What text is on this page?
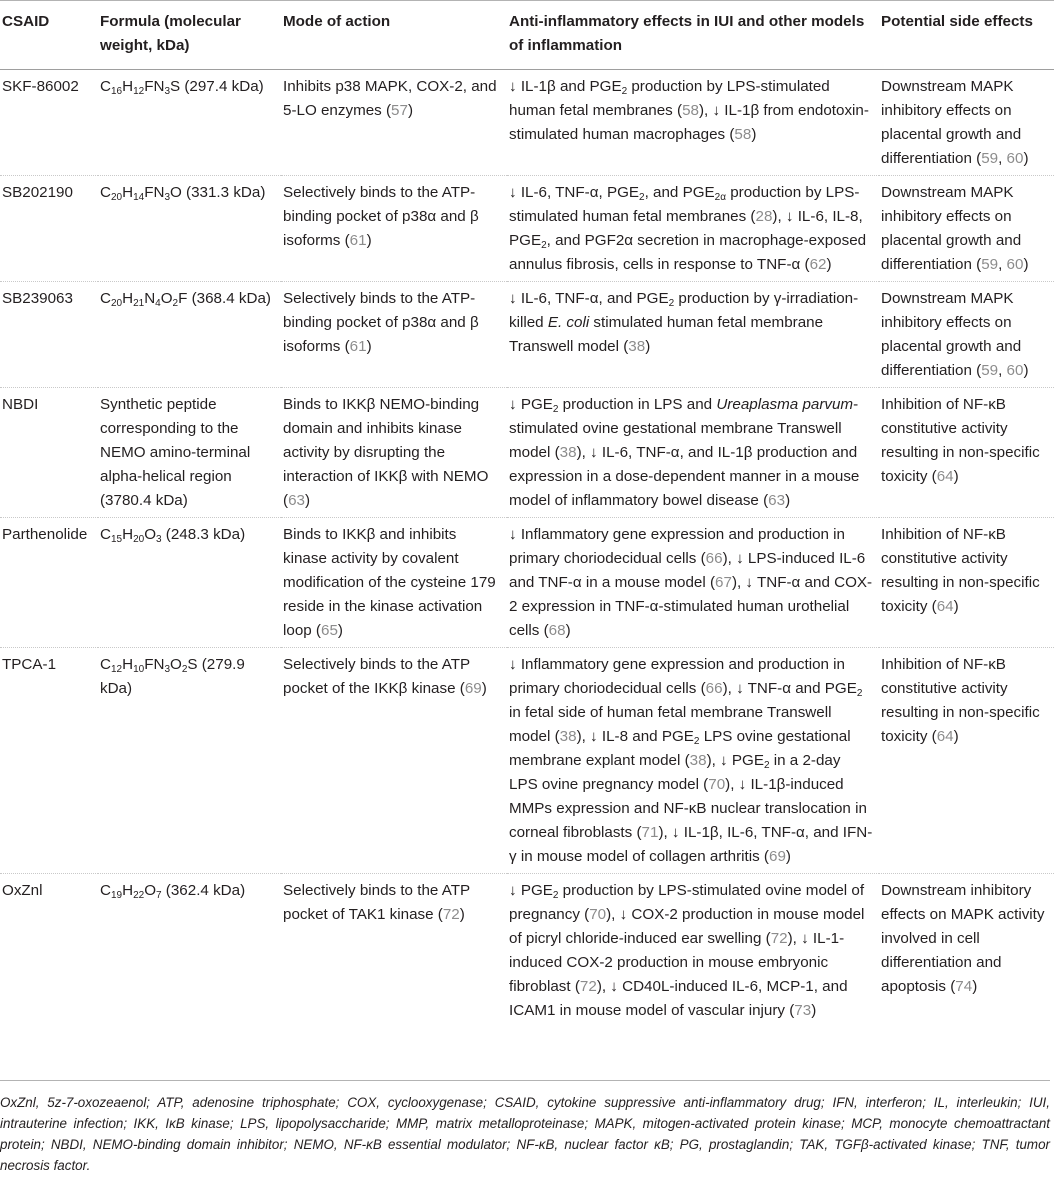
CSAID	Formula (molecular weight, kDa)	Mode of action	Anti-inflammatory effects in IUI and other models of inflammation	Potential side effects
SKF-86002	$C_{16}H_{12}FN_3S$ (297.4 kDa)	Inhibits p38 MAPK, COX-2, and 5-LO enzymes (57)	↓ IL-1β and $PGE_2$ production by LPS-stimulated human fetal membranes (58), ↓ IL-1β from endotoxin-stimulated human macrophages (58)	Downstream MAPK inhibitory effects on placental growth and differentiation (59, 60)
SB202190	$C_{20}H_{14}FN_3O$ (331.3 kDa)	Selectively binds to the ATP-binding pocket of p38α and β isoforms (61)	↓ IL-6, TNF-α, $PGE_2$, and $PGE_{2\alpha}$ production by LPS-stimulated human fetal membranes (28), ↓ IL-6, IL-8, $PGE_2$, and PGF2α secretion in macrophage-exposed annulus fibrosis, cells in response to TNF-α (62)	Downstream MAPK inhibitory effects on placental growth and differentiation (59, 60)
SB239063	$C_{20}H_{21}N_4O_2F$ (368.4 kDa)	Selectively binds to the ATP-binding pocket of p38α and β isoforms (61)	↓ IL-6, TNF-α, and $PGE_2$ production by γ-irradiation-killed E. coli stimulated human fetal membrane Transwell model (38)	Downstream MAPK inhibitory effects on placental growth and differentiation (59, 60)
NBDI	Synthetic peptide corresponding to the NEMO amino-terminal alpha-helical region (3780.4 kDa)	Binds to IKKβ NEMO-binding domain and inhibits kinase activity by disrupting the interaction of IKKβ with NEMO (63)	↓ $PGE_2$ production in LPS and Ureaplasma parvum-stimulated ovine gestational membrane Transwell model (38), ↓ IL-6, TNF-α, and IL-1β production and expression in a dose-dependent manner in a mouse model of inflammatory bowel disease (63)	Inhibition of NF-κB constitutive activity resulting in non-specific toxicity (64)
Parthenolide	$C_{15}H_{20}O_3$ (248.3 kDa)	Binds to IKKβ and inhibits kinase activity by covalent modification of the cysteine 179 reside in the kinase activation loop (65)	↓ Inflammatory gene expression and production in primary choriodecidual cells (66), ↓ LPS-induced IL-6 and TNF-α in a mouse model (67), ↓ TNF-α and COX-2 expression in TNF-α-stimulated human urothelial cells (68)	Inhibition of NF-κB constitutive activity resulting in non-specific toxicity (64)
TPCA-1	$C_{12}H_{10}FN_3O_2S$ (279.9 kDa)	Selectively binds to the ATP pocket of the IKKβ kinase (69)	↓ Inflammatory gene expression and production in primary choriodecidual cells (66), ↓ TNF-α and $PGE_2$ in fetal side of human fetal membrane Transwell model (38), ↓ IL-8 and $PGE_2$ LPS ovine gestational membrane explant model (38), ↓ $PGE_2$ in a 2-day LPS ovine pregnancy model (70), ↓ IL-1β-induced MMPs expression and NF-κB nuclear translocation in corneal fibroblasts (71), ↓ IL-1β, IL-6, TNF-α, and IFN-γ in mouse model of collagen arthritis (69)	Inhibition of NF-κB constitutive activity resulting in non-specific toxicity (64)
OxZnl	$C_{19}H_{22}O_7$ (362.4 kDa)	Selectively binds to the ATP pocket of TAK1 kinase (72)	↓ $PGE_2$ production by LPS-stimulated ovine model of pregnancy (70), ↓ COX-2 production in mouse model of picryl chloride-induced ear swelling (72), ↓ IL-1-induced COX-2 production in mouse embryonic fibroblast (72), ↓ CD40L-induced IL-6, MCP-1, and ICAM1 in mouse model of vascular injury (73)	Downstream inhibitory effects on MAPK activity involved in cell differentiation and apoptosis (74)
OxZnl, 5z-7-oxozeaenol; ATP, adenosine triphosphate; COX, cyclooxygenase; CSAID, cytokine suppressive anti-inflammatory drug; IFN, interferon; IL, interleukin; IUI, intrauterine infection; IKK, IκB kinase; LPS, lipopolysaccharide; MMP, matrix metalloproteinase; MAPK, mitogen-activated protein kinase; MCP, monocyte chemoattractant protein; NBDI, NEMO-binding domain inhibitor; NEMO, NF-κB essential modulator; NF-κB, nuclear factor κB; PG, prostaglandin; TAK, TGFβ-activated kinase; TNF, tumor necrosis factor.
